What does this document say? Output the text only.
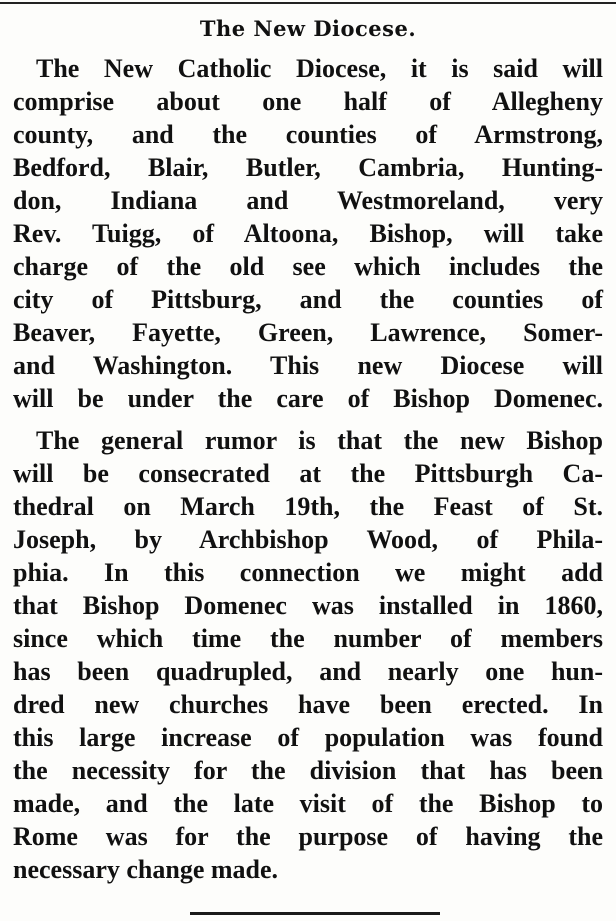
The New Diocese.
The New Catholic Diocese, it is said will
comprise about one half of Allegheny
county, and the counties of Armstrong,
Bedford, Blair, Butler, Cambria, Hunting-
don, Indiana and Westmoreland, very
Rev. Tuigg, of Altoona, Bishop, will take
charge of the old see which includes the
city of Pittsburg, and the counties of
Beaver, Fayette, Green, Lawrence, Somer-
and Washington. This new Diocese will
will be under the care of Bishop Domenec.
The general rumor is that the new Bishop
will be consecrated at the Pittsburgh Ca-
thedral on March 19th, the Feast of St.
Joseph, by Archbishop Wood, of Phila-
phia. In this connection we might add
that Bishop Domenec was installed in 1860,
since which time the number of members
has been quadrupled, and nearly one hun-
dred new churches have been erected. In
this large increase of population was found
the necessity for the division that has been
made, and the late visit of the Bishop to
Rome was for the purpose of having the
necessary change made.
